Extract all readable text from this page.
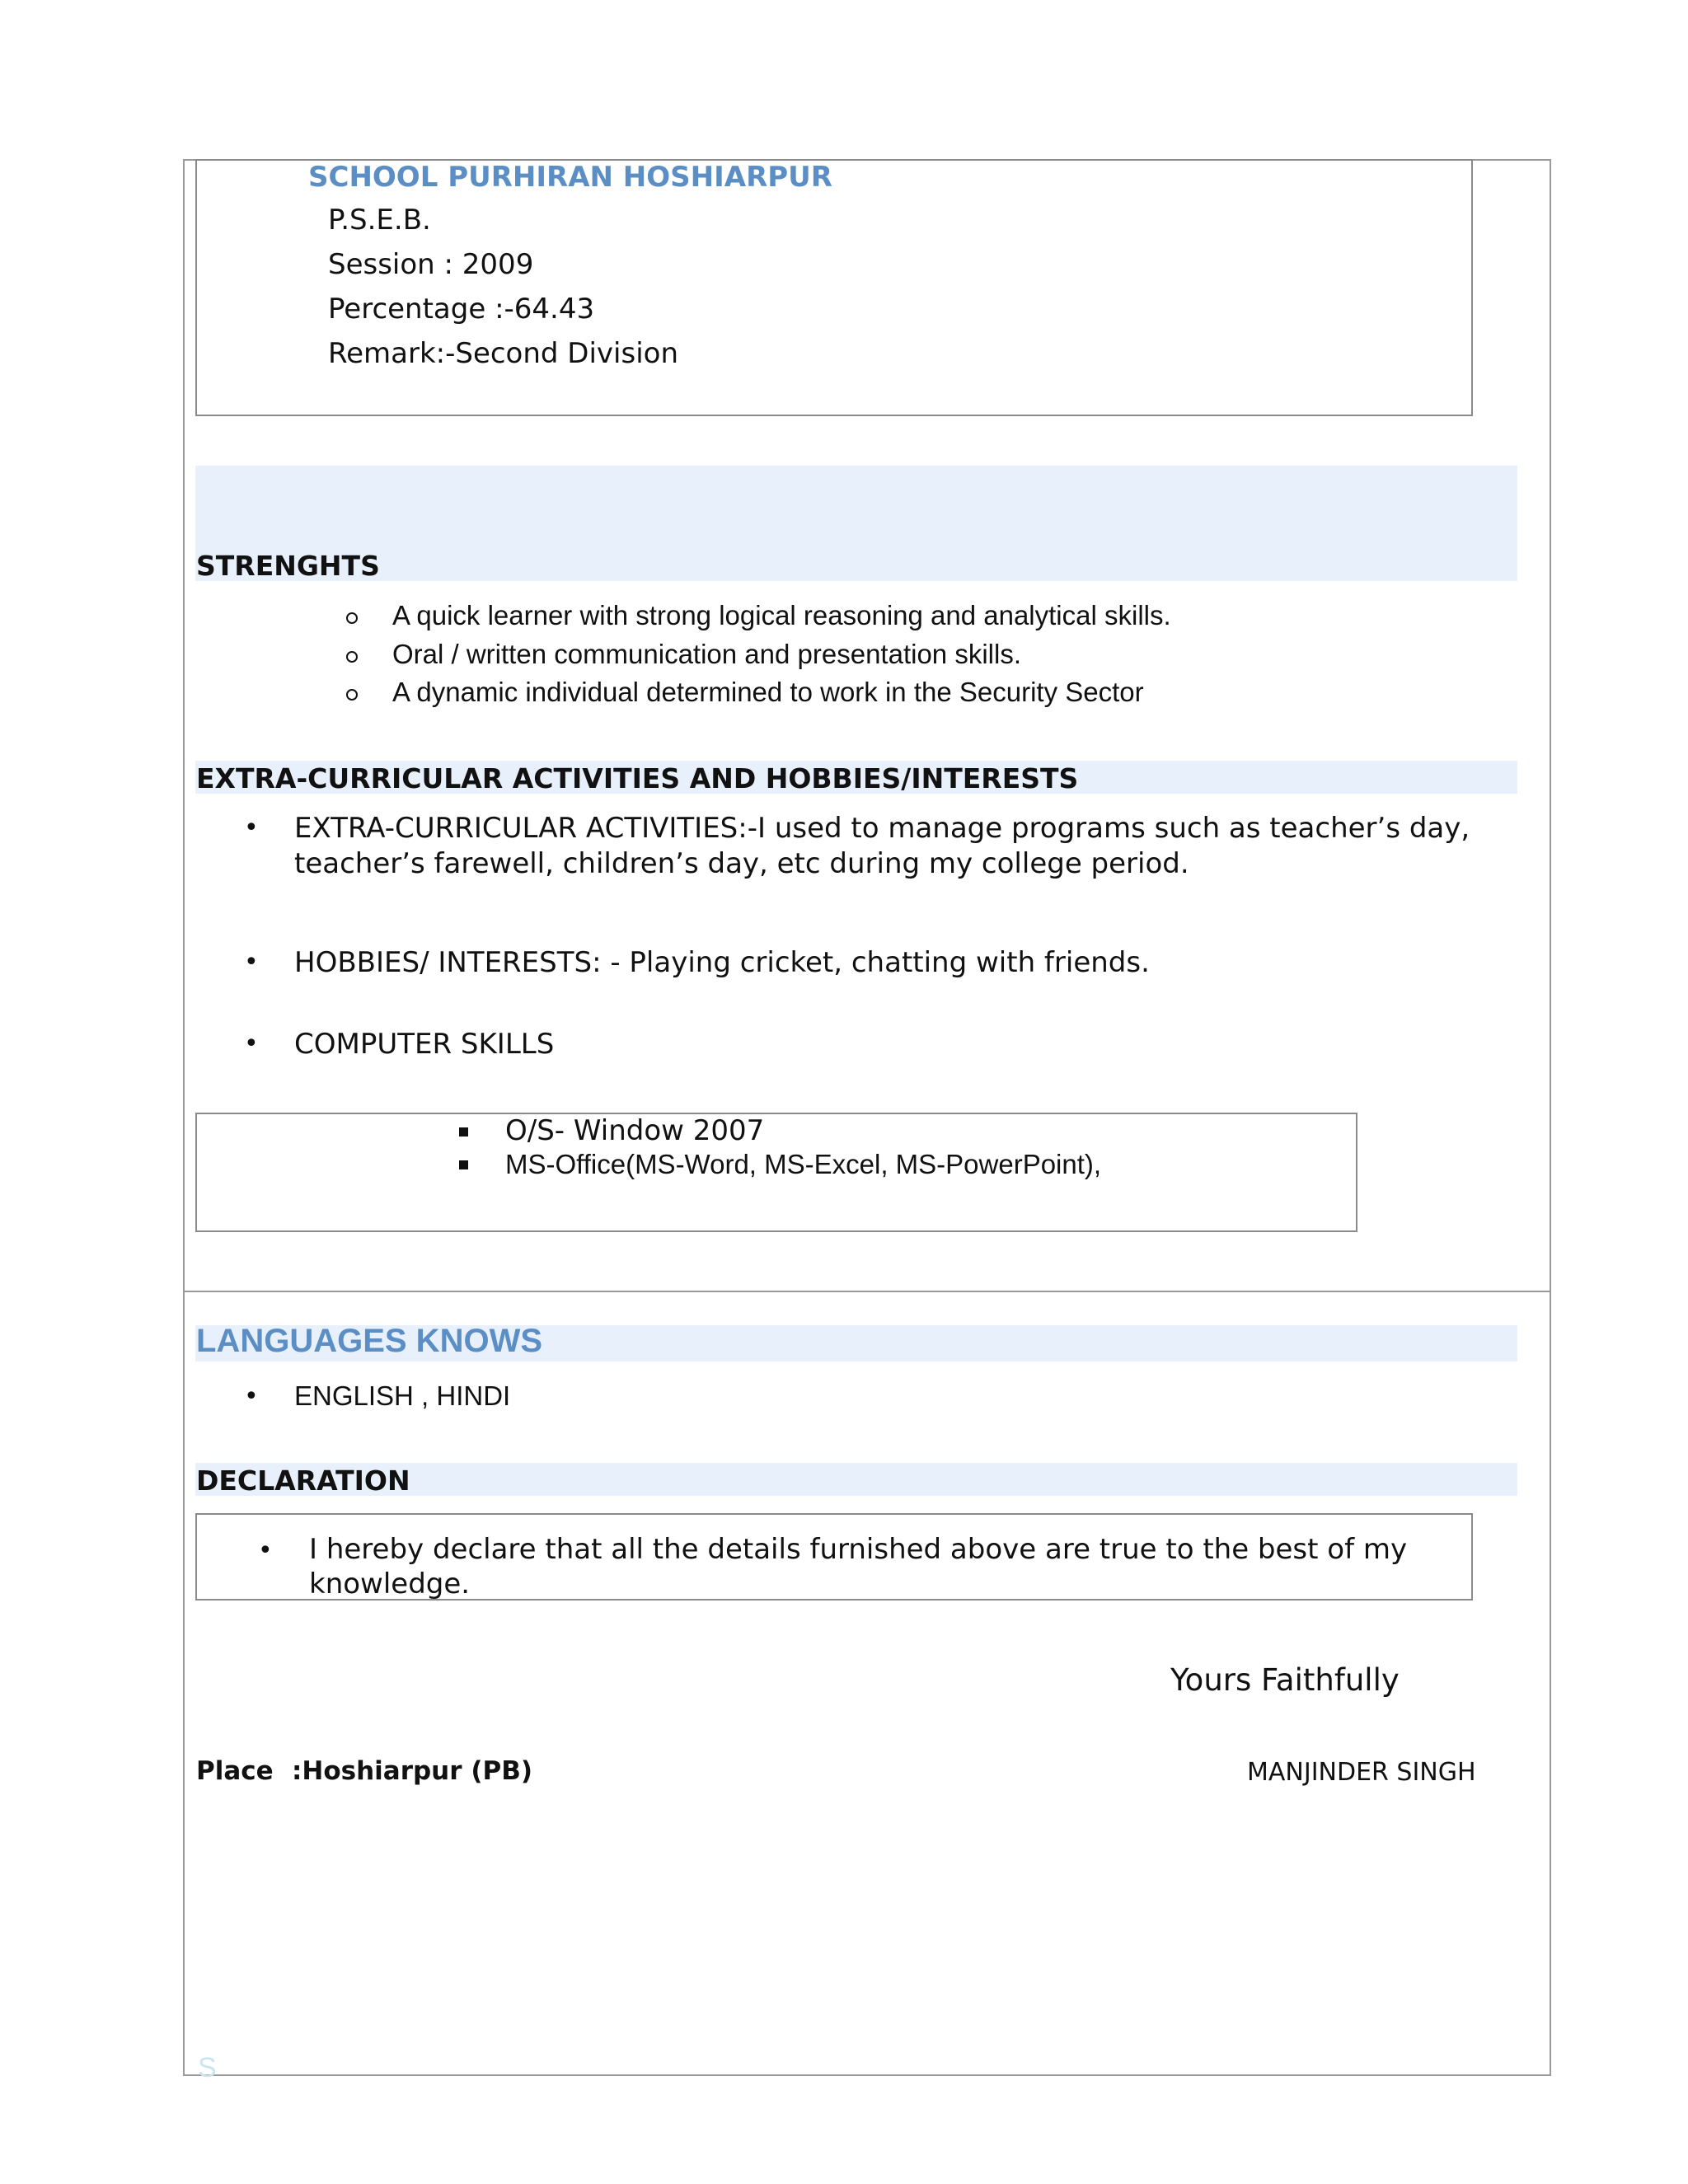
SCHOOL PURHIRAN HOSHIARPUR
P.S.E.B.
Session : 2009
Percentage :-64.43
Remark:-Second Division
STRENGHTS
A quick learner with strong logical reasoning and analytical skills.
Oral / written communication and presentation skills.
A dynamic individual determined to work in the Security Sector
EXTRA-CURRICULAR ACTIVITIES AND HOBBIES/INTERESTS
• EXTRA-CURRICULAR ACTIVITIES:-I used to manage programs such as teacher’s day,
teacher’s farewell, children’s day, etc during my college period.
• HOBBIES/ INTERESTS: - Playing cricket, chatting with friends.
• COMPUTER SKILLS
O/S- Window 2007
MS-Office(MS-Word, MS-Excel, MS-PowerPoint),
LANGUAGES KNOWS
• ENGLISH , HINDI
DECLARATION
• I hereby declare that all the details furnished above are true to the best of my
knowledge.
Yours Faithfully
Place :Hoshiarpur (PB)	MANJINDER SINGH
S
